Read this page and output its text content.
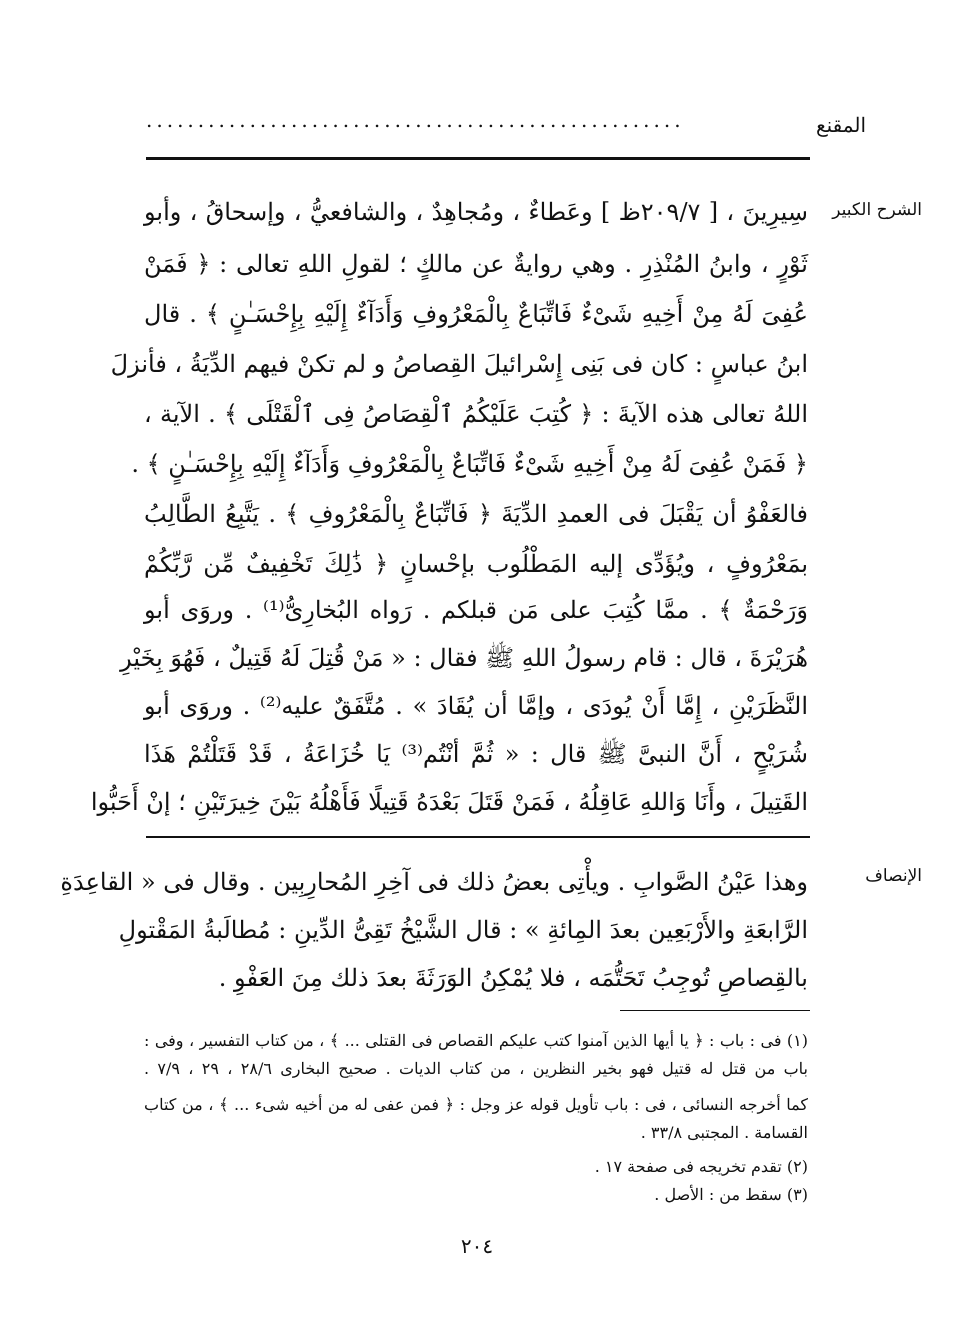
المقنع
....................................................
الشرح الكبير
الإنصاف
سِيرِينَ ، [ ٢٠٩/٧ظ ] وعَطاءٌ ، ومُجاهِدٌ ، والشافعيُّ ، وإسحاقُ ، وأبو
ثَوْرٍ ، وابنُ المُنْذِرِ . وهي روايةٌ عن مالكٍ ؛ لقولِ اللهِ تعالى : ﴿ فَمَنْ
عُفِىَ لَهُ مِنْ أَخِيهِ شَىْءٌ فَاتِّبَاعٌ بِالْمَعْرُوفِ وَأَدَآءٌ إِلَيْهِ بِإِحْسَـٰنٍ ﴾ . قال
ابنُ عباسٍ : كان فى بَنِى إِسْرائيلَ القِصاصُ و لم تكنْ فيهم الدِّيَةُ ، فأنزلَ
اللهُ تعالى هذه الآيةَ : ﴿ كُتِبَ عَلَيْكُمُ ٱلْقِصَاصُ فِى ٱلْقَتْلَى ﴾ . الآية ،
﴿ فَمَنْ عُفِىَ لَهُ مِنْ أَخِيهِ شَىْءٌ فَاتِّبَاعٌ بِالْمَعْرُوفِ وَأَدَآءٌ إِلَيْهِ بِإِحْسَـٰنٍ ﴾ .
فالعَفْوُ أن يَقْبَلَ فى العمدِ الدِّيَةَ ﴿ فَاتِّبَاعٌ بِالْمَعْرُوفِ ﴾ . يَتَّبِعُ الطَّالِبُ
بمَعْرُوفٍ ، ويُؤَدِّى إليه المَطْلُوب بإحْسانٍ ﴿ ذَٰلِكَ تَخْفِيفٌ مِّن رَّبِّكُمْ
وَرَحْمَةٌ ﴾ . ممَّا كُتِبَ على مَن قبلكم . رَواه البُخارِىُّ⁽¹⁾ . وروَى أبو
هُرَيْرَةَ ، قال : قام رسولُ اللهِ ﷺ فقال : « مَنْ قُتِلَ لَهُ قَتِيلٌ ، فَهُوَ بِخَيْرِ
النَّظَرَيْنِ ، إِمَّا أَنْ يُودَى ، وإمَّا أن يُقَادَ » . مُتَّفَقٌ عليه⁽²⁾ . وروَى أبو
شُرَيْحٍ ، أَنَّ النبىَّ ﷺ قال : « ثُمَّ أنْتُم⁽³⁾ يَا خُزَاعَةُ ، قَدْ قَتَلْتُمْ هَذَا
القَتِيلَ ، وأَنَا وَاللهِ عَاقِلُهُ ، فَمَنْ قَتَلَ بَعْدَهُ قَتِيلًا فَأَهْلُهُ بَيْنَ خِيرَتَيْنِ ؛ إنْ أَحَبُّوا
وهذا عَيْنُ الصَّوابِ . ويأْتِى بعضُ ذلك فى آخِرِ المُحارِبِين . وقال فى « القاعِدَةِ
الرَّابعَةِ والأَرْبَعِين بعدَ المِائةِ » : قال الشَّيْخُ تَقِىُّ الدِّينِ : مُطالَبةُ المَقْتولِ
بالقِصاصِ تُوجِبُ تَحَتُّمَه ، فلا يُمْكِنُ الوَرَثَةَ بعدَ ذلك مِنَ العَفْوِ .
(١) فى : باب : ﴿ يا أيها الذين آمنوا كتب عليكم القصاص فى القتلى ... ﴾ ، من كتاب التفسير ، وفى :
باب من قتل له قتيل فهو بخير النظرين ، من كتاب الديات . صحيح البخارى ٢٨/٦ ، ٢٩ ، ٧/٩ .
كما أخرجه النسائى ، فى : باب تأويل قوله عز وجل : ﴿ فمن عفى له من أخيه شىء ... ﴾ ، من كتاب
القسامة . المجتبى ٣٣/٨ .
(٢) تقدم تخريجه فى صفحة ١٧ .
(٣) سقط من : الأصل .
٢٠٤
